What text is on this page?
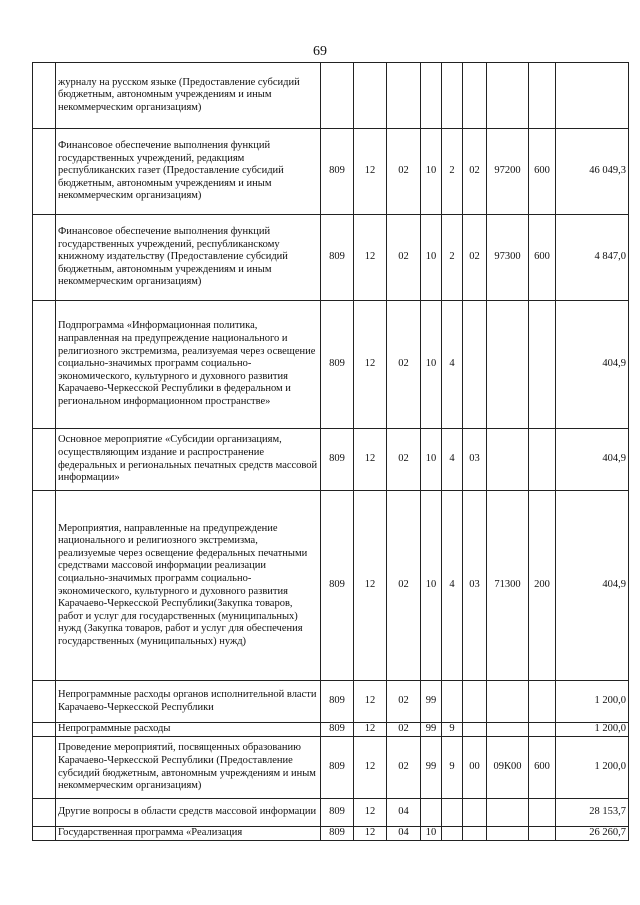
69
	журналу на русском языке (Предоставление субсидий бюджетным, автономным учреждениям и иным некоммерческим организациям)									
	Финансовое обеспечение выполнения функций государственных учреждений, редакциям республиканских газет (Предоставление субсидий бюджетным, автономным учреждениям и иным некоммерческим организациям)	809	12	02	10	2	02	97200	600	46 049,3
	Финансовое обеспечение выполнения функций государственных учреждений, республиканскому книжному издательству (Предоставление субсидий бюджетным, автономным учреждениям и иным некоммерческим организациям)	809	12	02	10	2	02	97300	600	4 847,0
	Подпрограмма «Информационная политика, направленная на предупреждение национального и религиозного экстремизма, реализуемая через освещение социально-значимых программ социально-экономического, культурного и духовного развития Карачаево-Черкесской Республики в федеральном и региональном информационном пространстве»	809	12	02	10	4				404,9
	Основное мероприятие «Субсидии организациям, осуществляющим издание и распространение федеральных и региональных печатных средств массовой информации»	809	12	02	10	4	03			404,9
	Мероприятия, направленные на предупреждение национального и религиозного экстремизма, реализуемые через освещение федеральных печатными средствами массовой информации реализации социально-значимых программ социально-экономического, культурного и духовного развития Карачаево-Черкесской Республики(Закупка товаров, работ и услуг для государственных (муниципальных) нужд (Закупка товаров, работ и услуг для обеспечения государственных (муниципальных) нужд)	809	12	02	10	4	03	71300	200	404,9
	Непрограммные расходы органов исполнительной власти Карачаево-Черкесской Республики	809	12	02	99					1 200,0
	Непрограммные расходы	809	12	02	99	9				1 200,0
	Проведение мероприятий, посвященных образованию Карачаево-Черкесской Республики (Предоставление субсидий бюджетным, автономным учреждениям и иным некоммерческим организациям)	809	12	02	99	9	00	09К00	600	1 200,0
	Другие вопросы в области средств массовой информации	809	12	04						28 153,7
	Государственная программа «Реализация	809	12	04	10					26 260,7
